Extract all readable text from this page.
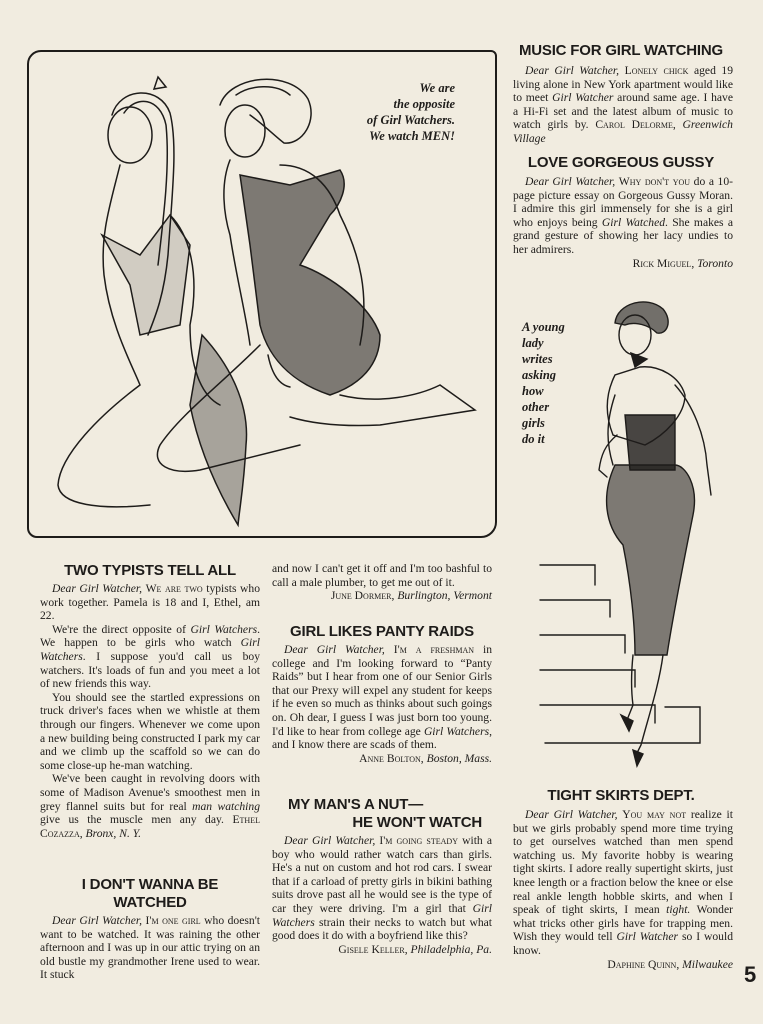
We are
the opposite
of Girl Watchers.
We watch MEN!
MUSIC FOR GIRL WATCHING

Dear Girl Watcher, Lonely chick aged 19 living alone in New York apartment would like to meet Girl Watcher around same age. I have a Hi-Fi set and the latest album of music to watch girls by. Carol Delorme, Greenwich Village

LOVE GORGEOUS GUSSY

Dear Girl Watcher, Why don't you do a 10-page picture essay on Gorgeous Gussy Moran. I admire this girl immensely for she is a girl who enjoys being Girl Watched. She makes a grand gesture of showing her lacy undies to her admirers.

Rick Miguel, Toronto
A young
lady
writes
asking
how
other
girls
do it
TWO TYPISTS TELL ALL

Dear Girl Watcher, We are two typists who work together. Pamela is 18 and I, Ethel, am 22.

We're the direct opposite of Girl Watchers. We happen to be girls who watch Girl Watchers. I suppose you'd call us boy watchers. It's loads of fun and you meet a lot of new friends this way.

You should see the startled expressions on truck driver's faces when we whistle at them through our fingers. Whenever we come upon a new building being constructed I park my car and we climb up the scaffold so we can do some close-up he-man watching.

We've been caught in revolving doors with some of Madison Avenue's smoothest men in grey flannel suits but for real man watching give us the muscle men any day. Ethel Cozazza, Bronx, N. Y.

I DON'T WANNA BE
WATCHED

Dear Girl Watcher, I'm one girl who doesn't want to be watched. It was raining the other afternoon and I was up in our attic trying on an old bustle my grandmother Irene used to wear. It stuck

and now I can't get it off and I'm too bashful to call a male plumber, to get me out of it.

June Dormer, Burlington, Vermont
GIRL LIKES PANTY RAIDS

Dear Girl Watcher, I'm a freshman in college and I'm looking forward to “Panty Raids” but I hear from one of our Senior Girls that our Prexy will expel any student for keeps if he even so much as thinks about such goings on. Oh dear, I guess I was just born too young. I'd like to hear from college age Girl Watchers, and I know there are scads of them.

Anne Bolton, Boston, Mass.
MY MAN'S A NUT—
HE WON'T WATCH

Dear Girl Watcher, I'm going steady with a boy who would rather watch cars than girls. He's a nut on custom and hot rod cars. I swear that if a carload of pretty girls in bikini bathing suits drove past all he would see is the type of car they were driving. I'm a girl that Girl Watchers strain their necks to watch but what good does it do with a boyfriend like this?

Gisele Keller, Philadelphia, Pa.
TIGHT SKIRTS DEPT.

Dear Girl Watcher, You may not realize it but we girls probably spend more time trying to get ourselves watched than men spend watching us. My favorite hobby is wearing tight skirts. I adore really supertight skirts, just knee length or a fraction below the knee or else real ankle length hobble skirts, and when I speak of tight skirts, I mean tight. Wonder what tricks other girls have for trapping men. Wish they would tell Girl Watcher so I would know.

Daphine Quinn, Milwaukee 5
